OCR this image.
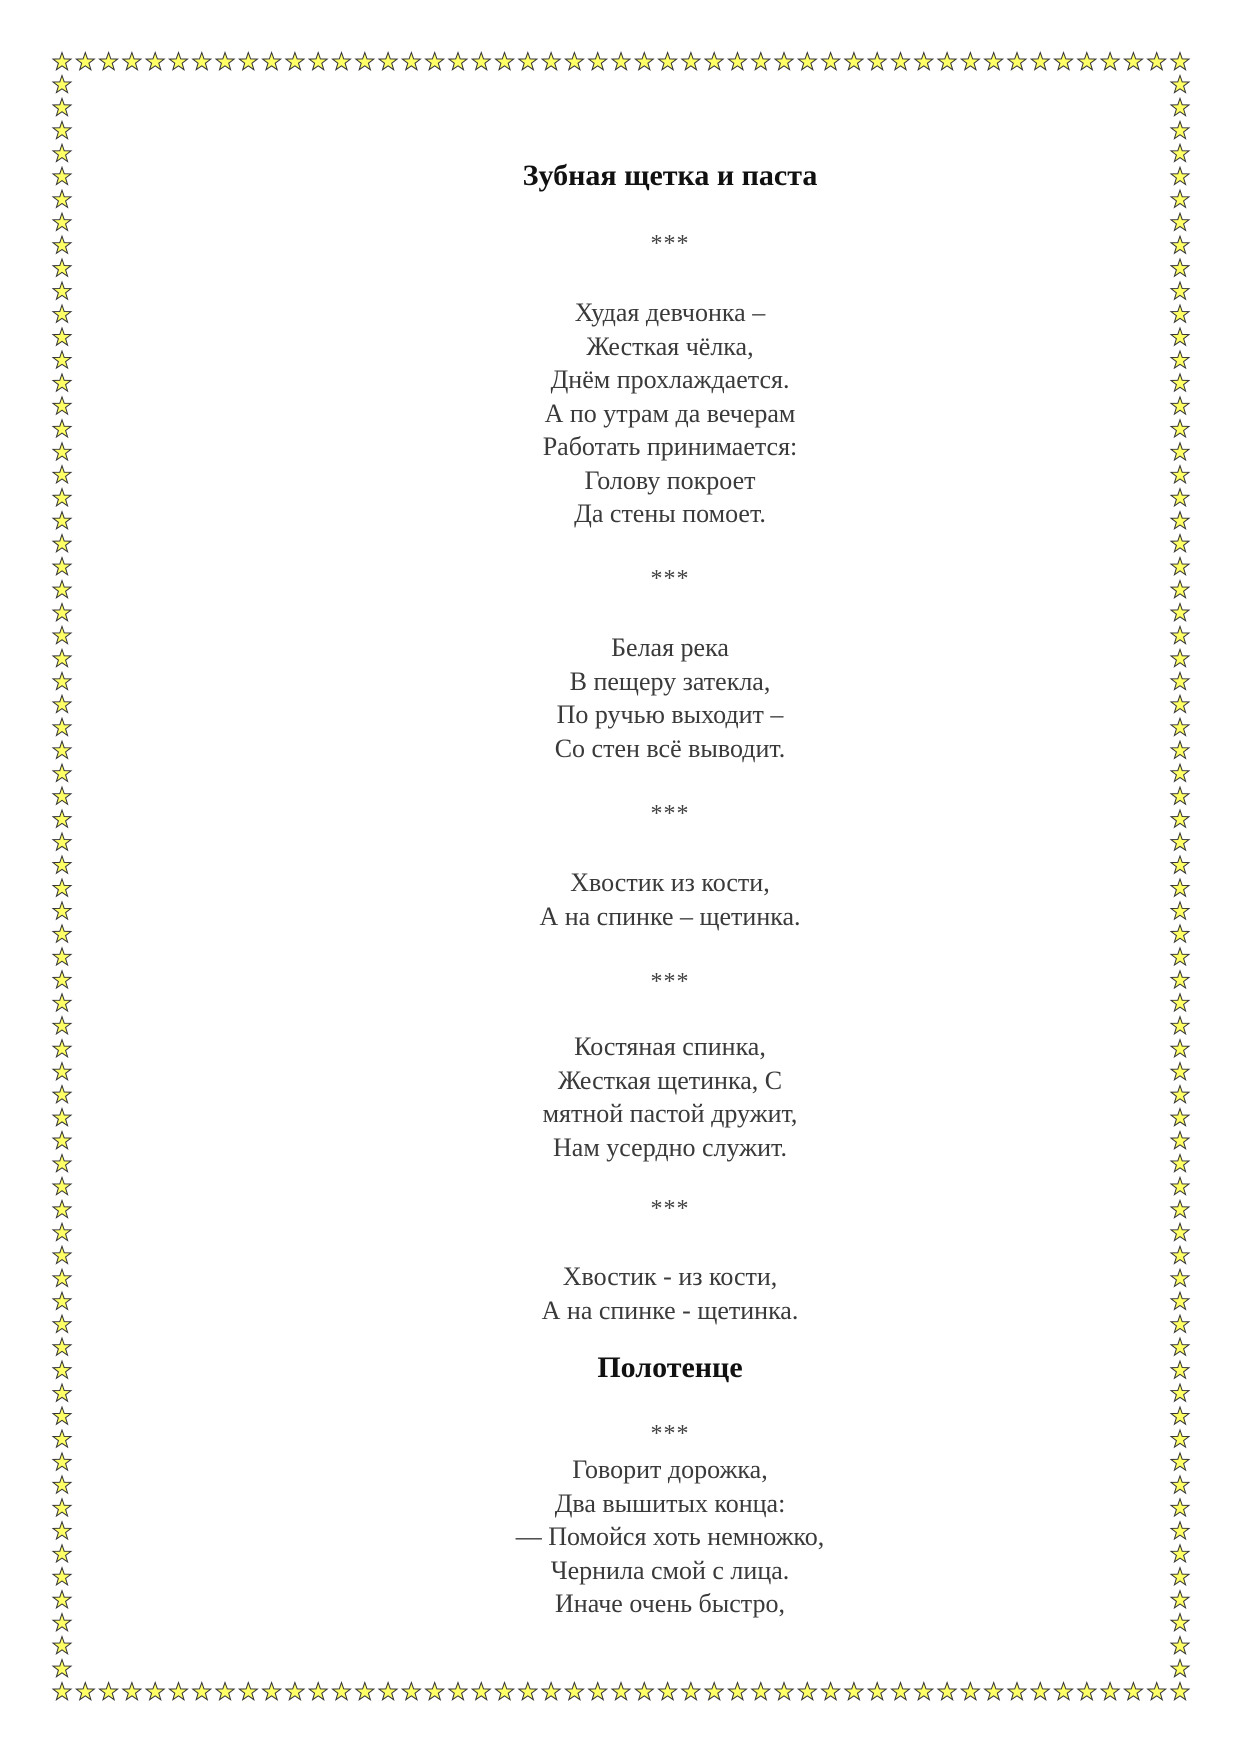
Зубная щетка и паста
***
Худая девчонка –
Жесткая чёлка,
Днём прохлаждается.
А по утрам да вечерам
Работать принимается:
Голову покроет
Да стены помоет.
***
Белая река
В пещеру затекла,
По ручью выходит –
Со стен всё выводит.
***
Хвостик из кости,
А на спинке – щетинка.
***
Костяная спинка,
Жесткая щетинка, С
мятной пастой дружит,
Нам усердно служит.
***
Хвостик - из кости,
А на спинке - щетинка.
Полотенце
***
Говорит дорожка,
Два вышитых конца:
— Помойся хоть немножко,
Чернила смой с лица.
Иначе очень быстро,
